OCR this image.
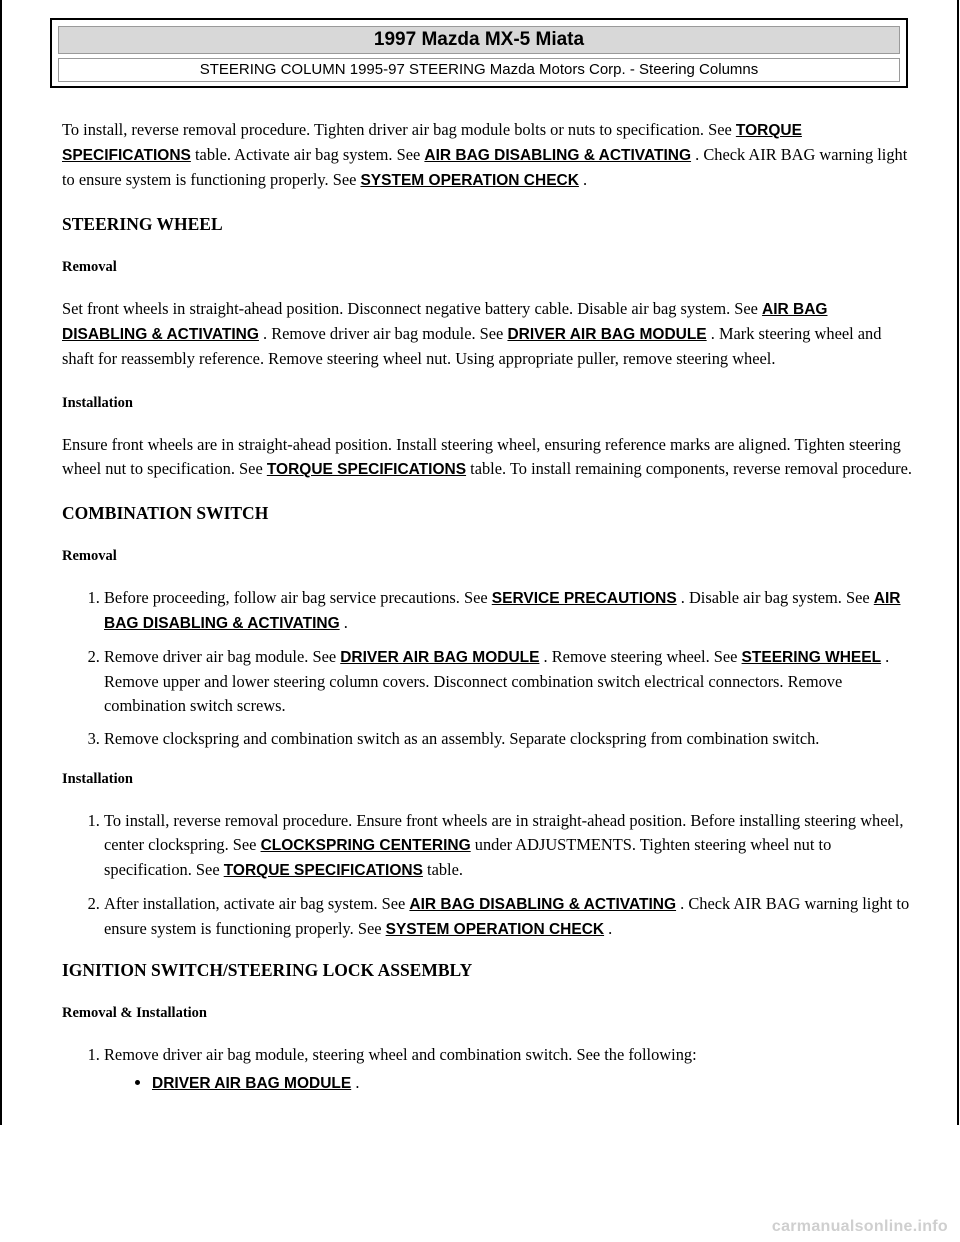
1997 Mazda MX-5 Miata
STEERING COLUMN 1995-97 STEERING Mazda Motors Corp. - Steering Columns

To install, reverse removal procedure. Tighten driver air bag module bolts or nuts to specification. See TORQUE SPECIFICATIONS table. Activate air bag system. See AIR BAG DISABLING & ACTIVATING . Check AIR BAG warning light to ensure system is functioning properly. See SYSTEM OPERATION CHECK .

STEERING WHEEL

Removal

Set front wheels in straight-ahead position. Disconnect negative battery cable. Disable air bag system. See AIR BAG DISABLING & ACTIVATING . Remove driver air bag module. See DRIVER AIR BAG MODULE . Mark steering wheel and shaft for reassembly reference. Remove steering wheel nut. Using appropriate puller, remove steering wheel.

Installation

Ensure front wheels are in straight-ahead position. Install steering wheel, ensuring reference marks are aligned. Tighten steering wheel nut to specification. See TORQUE SPECIFICATIONS table. To install remaining components, reverse removal procedure.

COMBINATION SWITCH

Removal

1. Before proceeding, follow air bag service precautions. See SERVICE PRECAUTIONS . Disable air bag system. See AIR BAG DISABLING & ACTIVATING .
2. Remove driver air bag module. See DRIVER AIR BAG MODULE . Remove steering wheel. See STEERING WHEEL . Remove upper and lower steering column covers. Disconnect combination switch electrical connectors. Remove combination switch screws.
3. Remove clockspring and combination switch as an assembly. Separate clockspring from combination switch.

Installation

1. To install, reverse removal procedure. Ensure front wheels are in straight-ahead position. Before installing steering wheel, center clockspring. See CLOCKSPRING CENTERING under ADJUSTMENTS. Tighten steering wheel nut to specification. See TORQUE SPECIFICATIONS table.
2. After installation, activate air bag system. See AIR BAG DISABLING & ACTIVATING . Check AIR BAG warning light to ensure system is functioning properly. See SYSTEM OPERATION CHECK .

IGNITION SWITCH/STEERING LOCK ASSEMBLY

Removal & Installation

1. Remove driver air bag module, steering wheel and combination switch. See the following:
• DRIVER AIR BAG MODULE .
carmanualsonline.info
